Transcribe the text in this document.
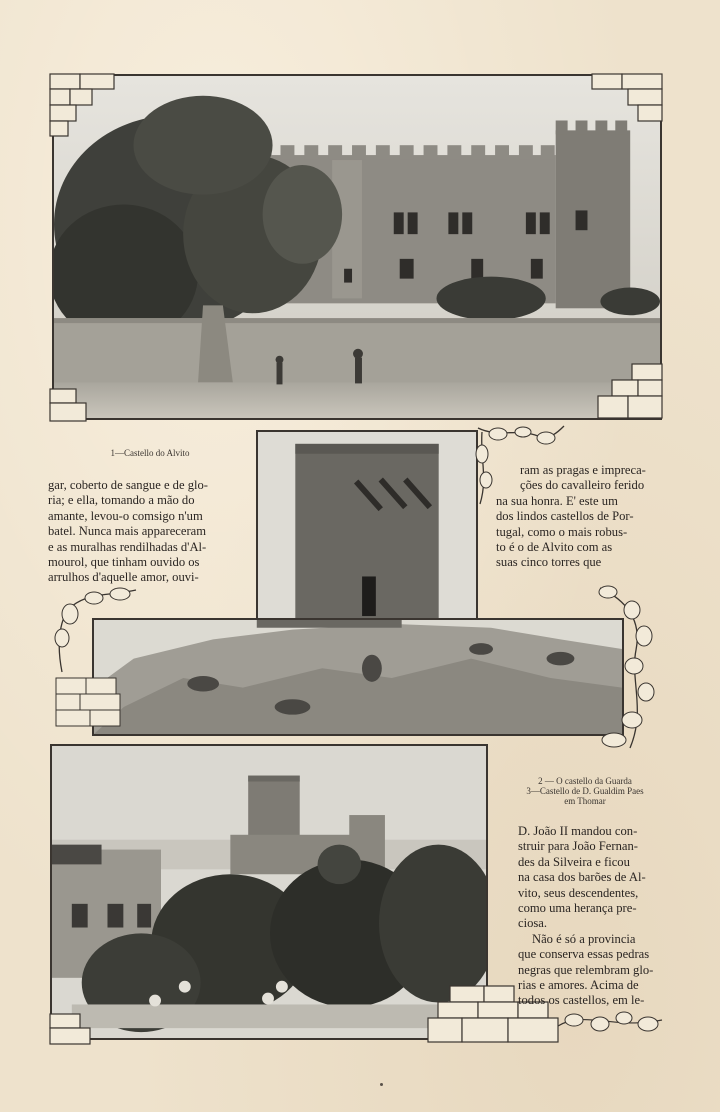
1—Castello do Alvito

gar, coberto de sangue e de glo-

ria; e ella, tomando a mão do

amante, levou-o comsigo n'um

batel. Nunca mais appareceram

e as muralhas rendilhadas d'Al-

mourol, que tinham ouvido os

arrulhos d'aquelle amor, ouvi-

ram as pragas e impreca-

ções do cavalleiro ferido

na sua honra. E' este um

dos lindos castellos de Por-

tugal, como o mais robus-

to é o de Alvito com as

suas cinco torres que

2 — O castello da Guarda
3—Castello de D. Gualdim Paes
em Thomar

D. João II mandou con-

struir para João Fernan-

des da Silveira e ficou

na casa dos barões de Al-

vito, seus descendentes,

como uma herança pre-

ciosa.

Não é só a provincia

que conserva essas pedras

negras que relembram glo-

rias e amores. Acima de

todos os castellos, em le-
